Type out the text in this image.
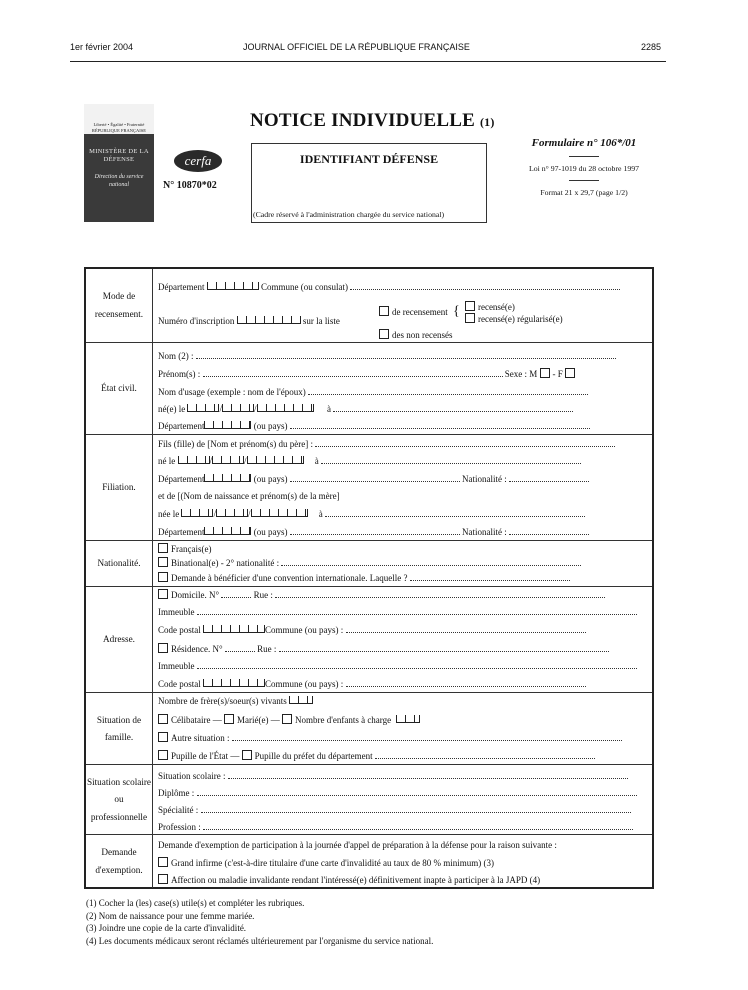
1er février 2004	JOURNAL OFFICIEL DE LA RÉPUBLIQUE FRANÇAISE	2285
Liberté • Égalité • Fraternité RÉPUBLIQUE FRANÇAISE
MINISTÈRE DE LA DÉFENSE
Direction du service national
cerfa
N° 10870*02
NOTICE INDIVIDUELLE (1)
IDENTIFIANT DÉFENSE
(Cadre réservé à l'administration chargée du service national)
Formulaire n° 106*/01
Loi n° 97-1019 du 28 octobre 1997
Format 21 x 29,7 (page 1/2)
Mode de recensement.
Département	Commune (ou consulat)
de recensement { recensé(e)
recensé(e) régularisé(e)
Numéro d'inscription	sur la liste
des non recensés
État civil.
Nom (2) :
Prénom(s) :	Sexe : M - F
Nom d'usage (exemple : nom de l'époux)
né(e) le	/	/	à
Département	(ou pays)
Filiation.
Fils (fille) de [Nom et prénom(s) du père] :
né le	/	/	à
Département	(ou pays)	Nationalité :
et de [(Nom de naissance et prénom(s) de la mère]
née le	/	/	à
Département	(ou pays)	Nationalité :
Nationalité.
Français(e)
Binational(e) - 2° nationalité :
Demande à bénéficier d'une convention internationale. Laquelle ?
Adresse.
Domicile. N°	Rue :
Immeuble
Code postal	Commune (ou pays) :
Résidence. N°	Rue :
Immeuble
Code postal	Commune (ou pays) :
Situation de famille.
Nombre de frère(s)/soeur(s) vivants
Célibataire — Marié(e) — Nombre d'enfants à charge
Autre situation :
Pupille de l'État — Pupille du préfet du département
Situation scolaire ou professionnelle
Situation scolaire :
Diplôme :
Spécialité :
Profession :
Demande d'exemption.
Demande d'exemption de participation à la journée d'appel de préparation à la défense pour la raison suivante :
Grand infirme (c'est-à-dire titulaire d'une carte d'invalidité au taux de 80 % minimum) (3)
Affection ou maladie invalidante rendant l'intéressé(e) définitivement inapte à participer à la JAPD (4)
(1) Cocher la (les) case(s) utile(s) et compléter les rubriques.
(2) Nom de naissance pour une femme mariée.
(3) Joindre une copie de la carte d'invalidité.
(4) Les documents médicaux seront réclamés ultérieurement par l'organisme du service national.
